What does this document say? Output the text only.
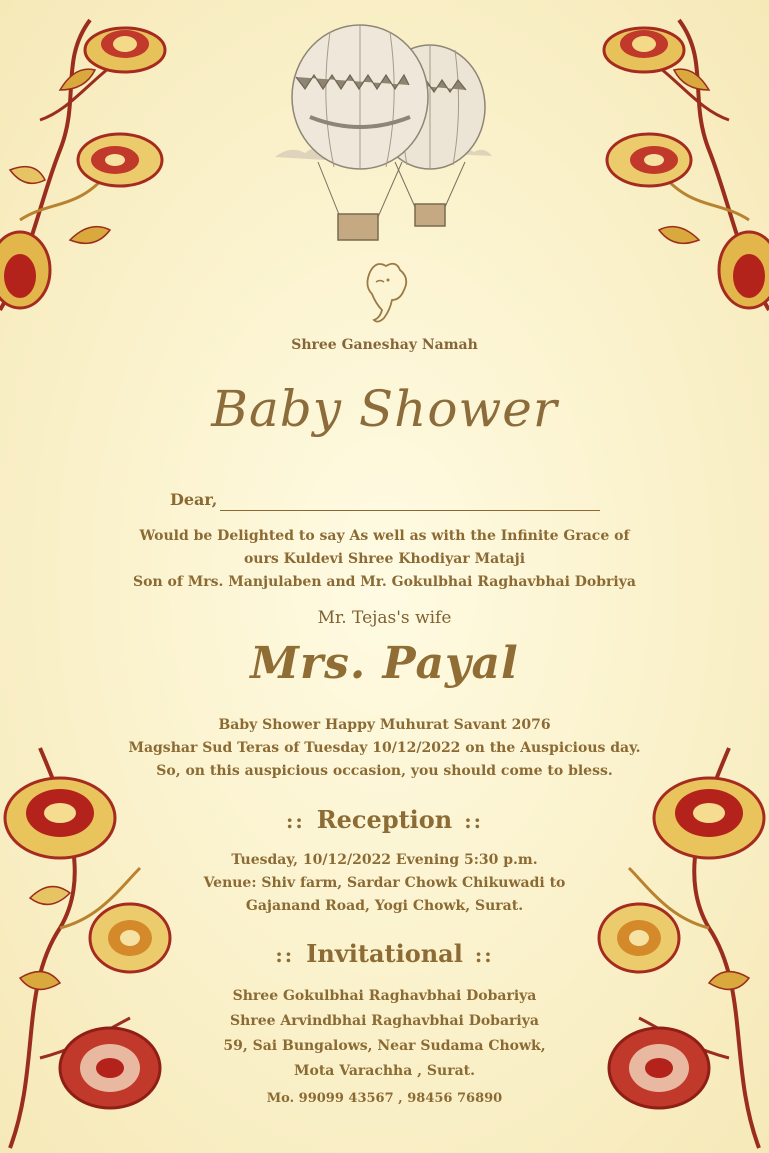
Shree Ganeshay Namah
Baby Shower
Dear,
Would be Delighted to say As well as with the Infinite Grace of
ours Kuldevi Shree Khodiyar Mataji
Son of Mrs. Manjulaben and Mr. Gokulbhai Raghavbhai Dobriya
Mr. Tejas's wife
Mrs. Payal
Baby Shower Happy Muhurat Savant 2076
Magshar Sud Teras of Tuesday 10/12/2022 on the Auspicious day.
So, on this auspicious occasion, you should come to bless.
:: Reception ::
Tuesday, 10/12/2022 Evening 5:30 p.m.
Venue: Shiv farm, Sardar Chowk Chikuwadi to
Gajanand Road, Yogi Chowk, Surat.
:: Invitational ::
Shree Gokulbhai Raghavbhai Dobariya
Shree Arvindbhai Raghavbhai Dobariya
59, Sai Bungalows, Near Sudama Chowk,
Mota Varachha , Surat.
Mo. 99099 43567 , 98456 76890
